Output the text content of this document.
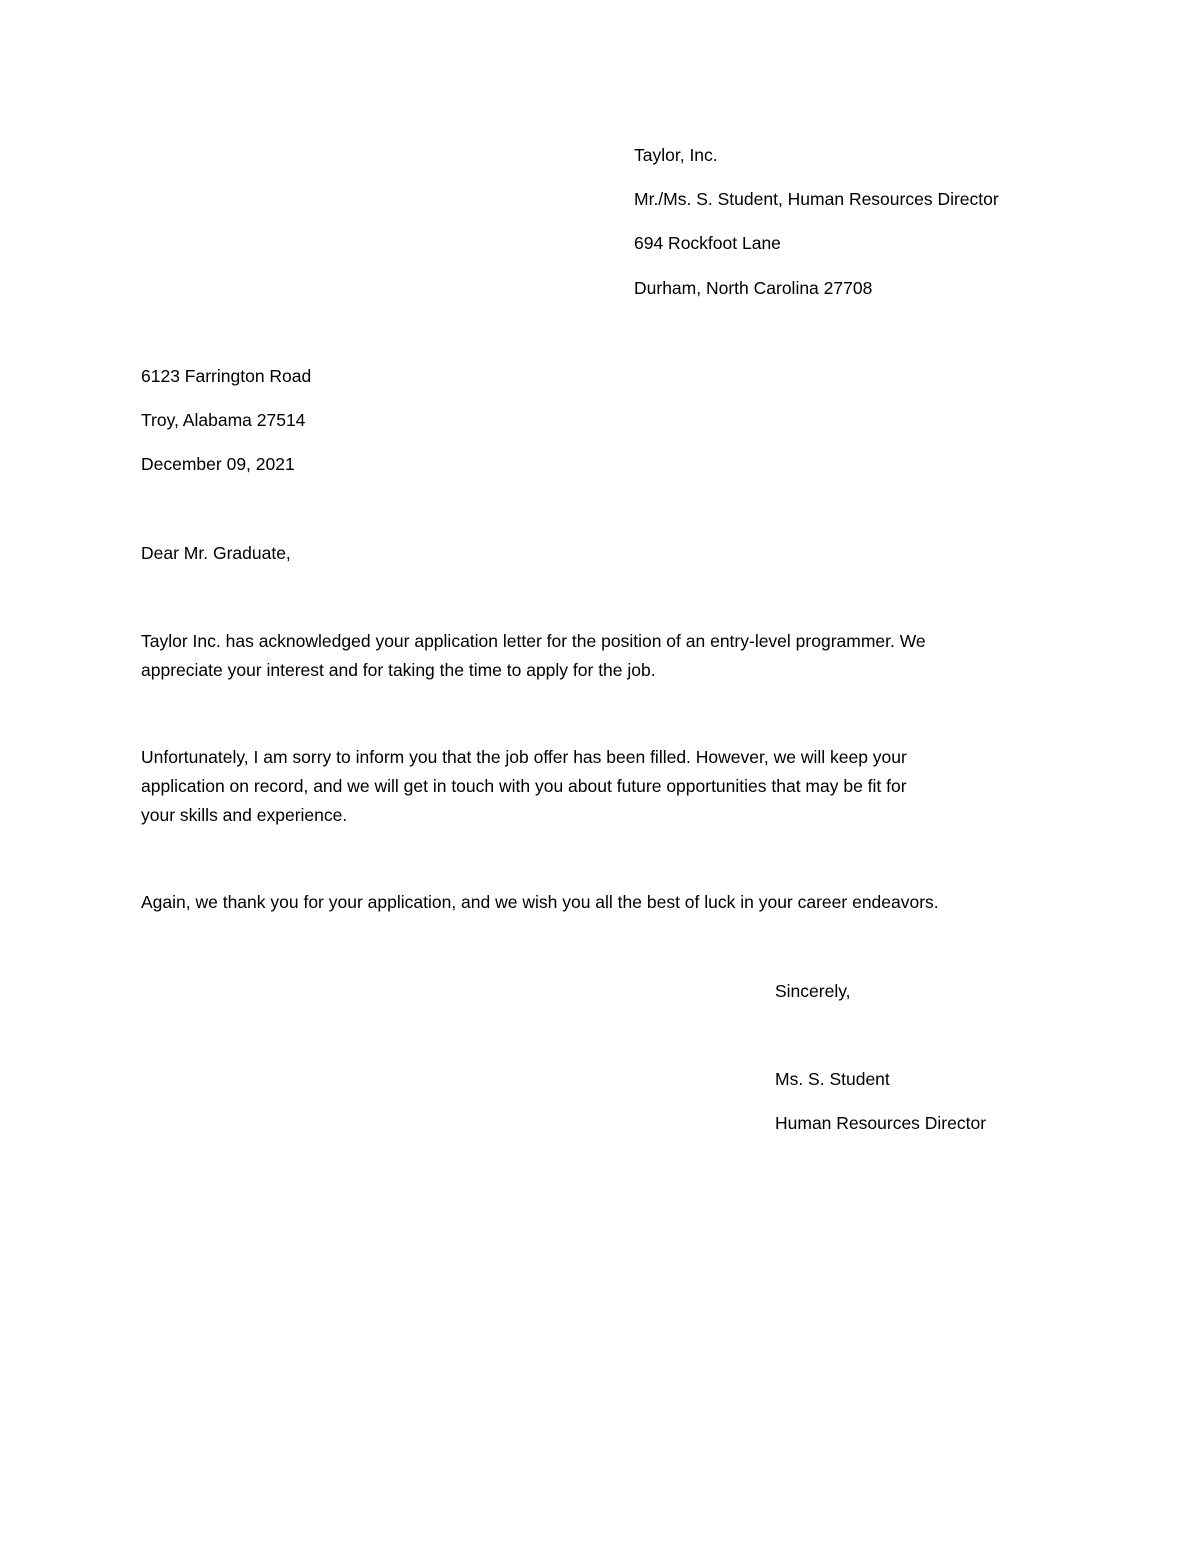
Taylor, Inc.

Mr./Ms. S. Student, Human Resources Director

694 Rockfoot Lane

Durham, North Carolina 27708

6123 Farrington Road

Troy, Alabama 27514

December 09, 2021

Dear Mr. Graduate,

Taylor Inc. has acknowledged your application letter for the position of an entry-level programmer. We
appreciate your interest and for taking the time to apply for the job.
Unfortunately, I am sorry to inform you that the job offer has been filled. However, we will keep your
application on record, and we will get in touch with you about future opportunities that may be fit for
your skills and experience.
Again, we thank you for your application, and we wish you all the best of luck in your career endeavors.

Sincerely,

Ms. S. Student

Human Resources Director
